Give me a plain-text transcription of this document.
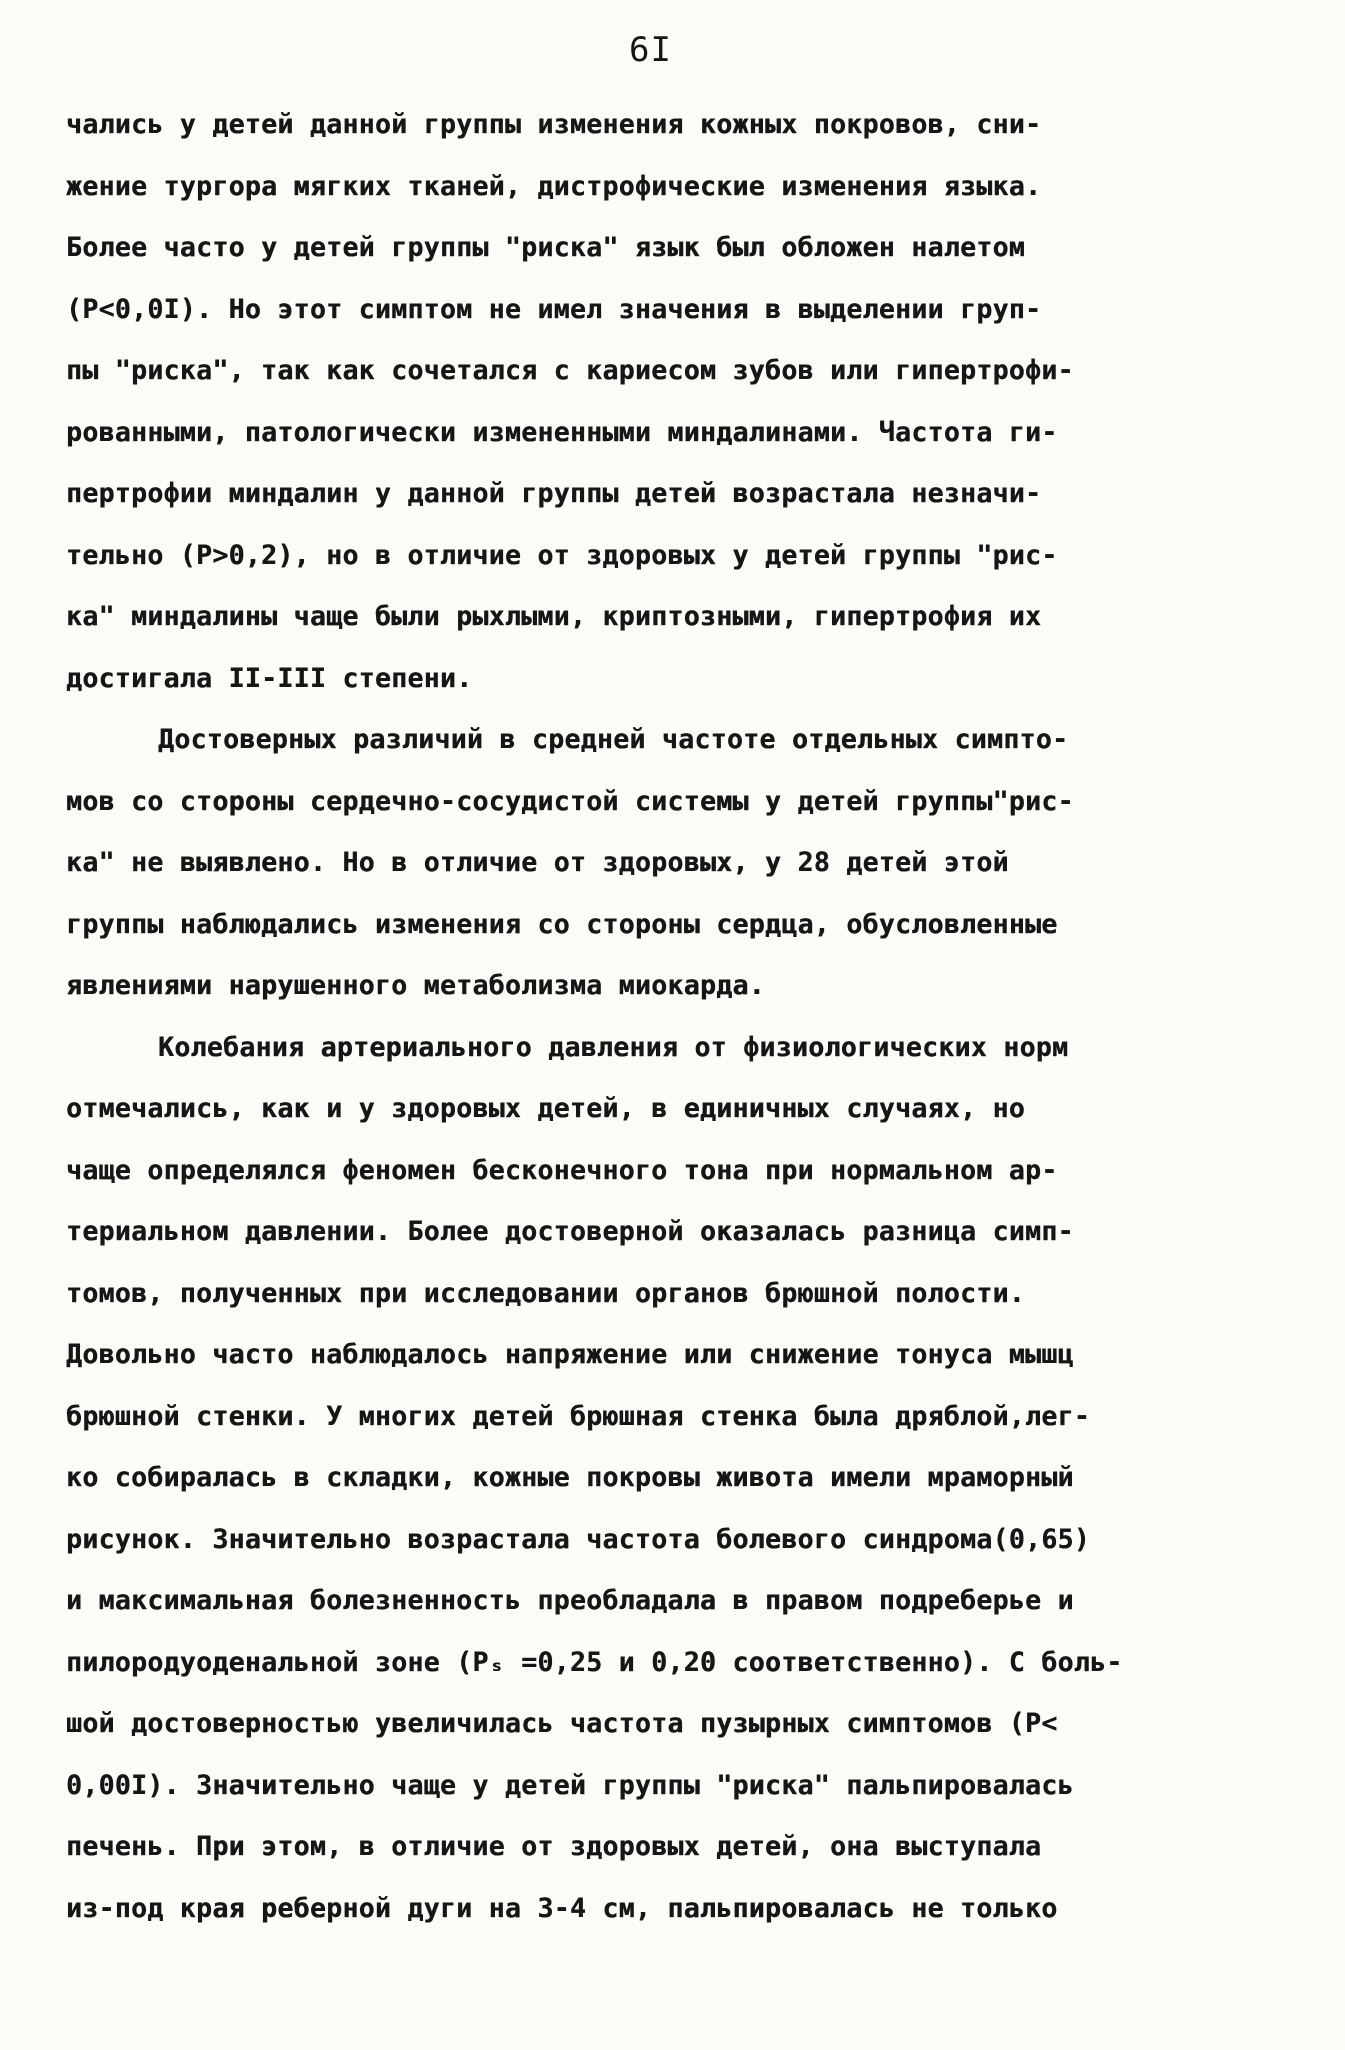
6I
чались у детей данной группы изменения кожных покровов, сни-
жение тургора мягких тканей, дистрофические изменения языка.
Более часто у детей группы "риска" язык был обложен налетом
(P<0,0I). Но этот симптом не имел значения в выделении груп-
пы "риска", так как сочетался с кариесом зубов или гипертрофи-
рованными, патологически измененными миндалинами. Частота ги-
пертрофии миндалин у данной группы детей возрастала незначи-
тельно (P>0,2), но в отличие от здоровых у детей группы "рис-
ка" миндалины чаще были рыхлыми, криптозными, гипертрофия их
достигала II-III степени.
Достоверных различий в средней частоте отдельных симпто-
мов со стороны сердечно-сосудистой системы у детей группы"рис-
ка" не выявлено. Но в отличие от здоровых, у 28 детей этой
группы наблюдались изменения со стороны сердца, обусловленные
явлениями нарушенного метаболизма миокарда.
Колебания артериального давления от физиологических норм
отмечались, как и у здоровых детей, в единичных случаях, но
чаще определялся феномен бесконечного тона при нормальном ар-
териальном давлении. Более достоверной оказалась разница симп-
томов, полученных при исследовании органов брюшной полости.
Довольно часто наблюдалось напряжение или снижение тонуса мышц
брюшной стенки. У многих детей брюшная стенка была дряблой,лег-
ко собиралась в складки, кожные покровы живота имели мраморный
рисунок. Значительно возрастала частота болевого синдрома(0,65)
и максимальная болезненность преобладала в правом подреберье и
пилородуоденальной зоне (Pₛ =0,25 и 0,20 соответственно). С боль-
шой достоверностью увеличилась частота пузырных симптомов (P<
0,00I). Значительно чаще у детей группы "риска" пальпировалась
печень. При этом, в отличие от здоровых детей, она выступала
из-под края реберной дуги на 3-4 см, пальпировалась не только
